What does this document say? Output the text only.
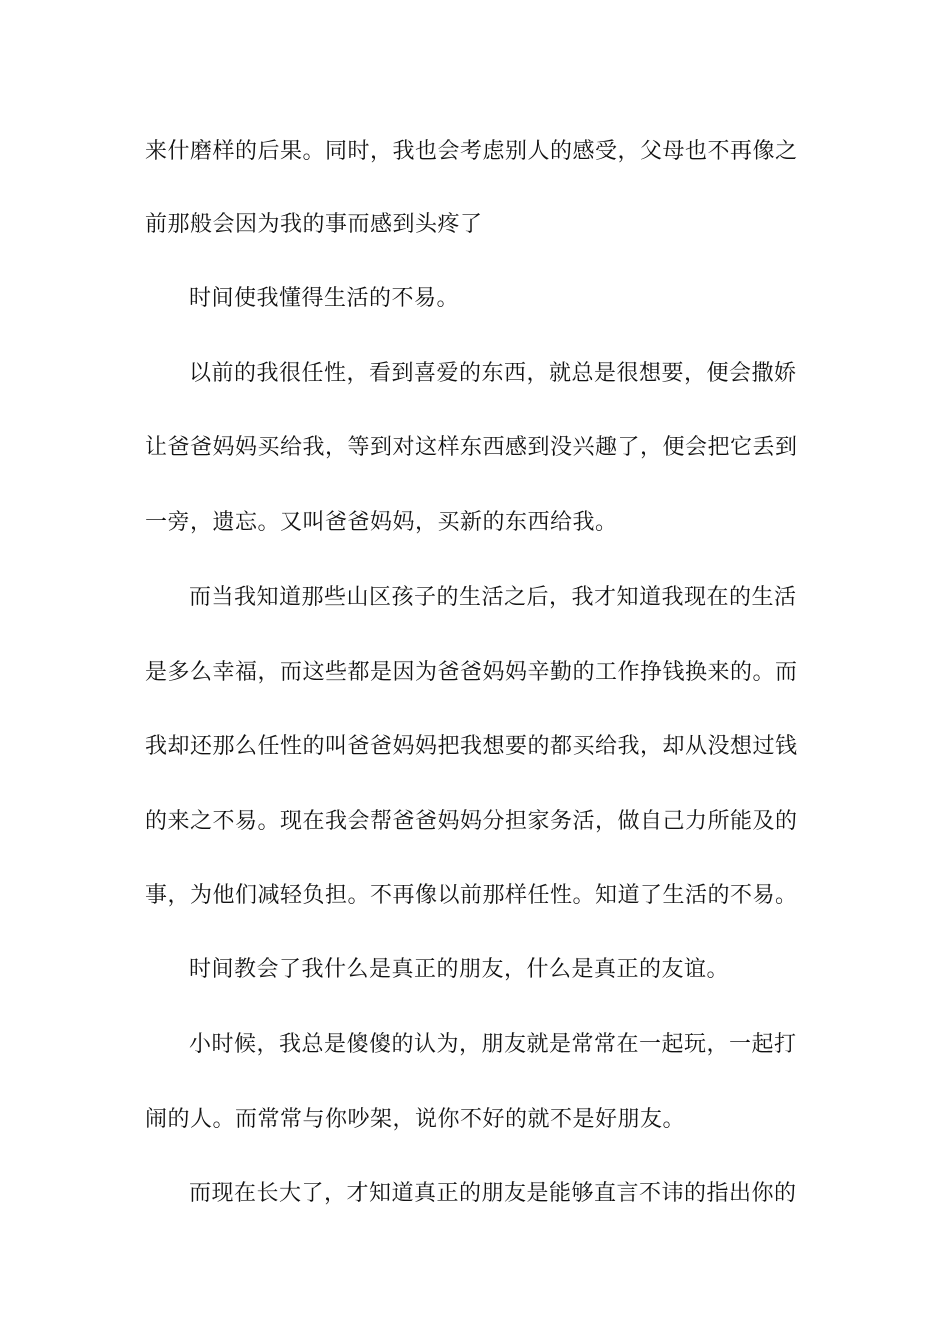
来什磨样的后果。同时，我也会考虑别人的感受，父母也不再像之

前那般会因为我的事而感到头疼了

时间使我懂得生活的不易。

以前的我很任性，看到喜爱的东西，就总是很想要，便会撒娇

让爸爸妈妈买给我，等到对这样东西感到没兴趣了，便会把它丢到

一旁，遗忘。又叫爸爸妈妈，买新的东西给我。

而当我知道那些山区孩子的生活之后，我才知道我现在的生活

是多么幸福，而这些都是因为爸爸妈妈辛勤的工作挣钱换来的。而

我却还那么任性的叫爸爸妈妈把我想要的都买给我，却从没想过钱

的来之不易。现在我会帮爸爸妈妈分担家务活，做自己力所能及的

事，为他们减轻负担。不再像以前那样任性。知道了生活的不易。

时间教会了我什么是真正的朋友，什么是真正的友谊。

小时候，我总是傻傻的认为，朋友就是常常在一起玩，一起打

闹的人。而常常与你吵架，说你不好的就不是好朋友。

而现在长大了，才知道真正的朋友是能够直言不讳的指出你的
